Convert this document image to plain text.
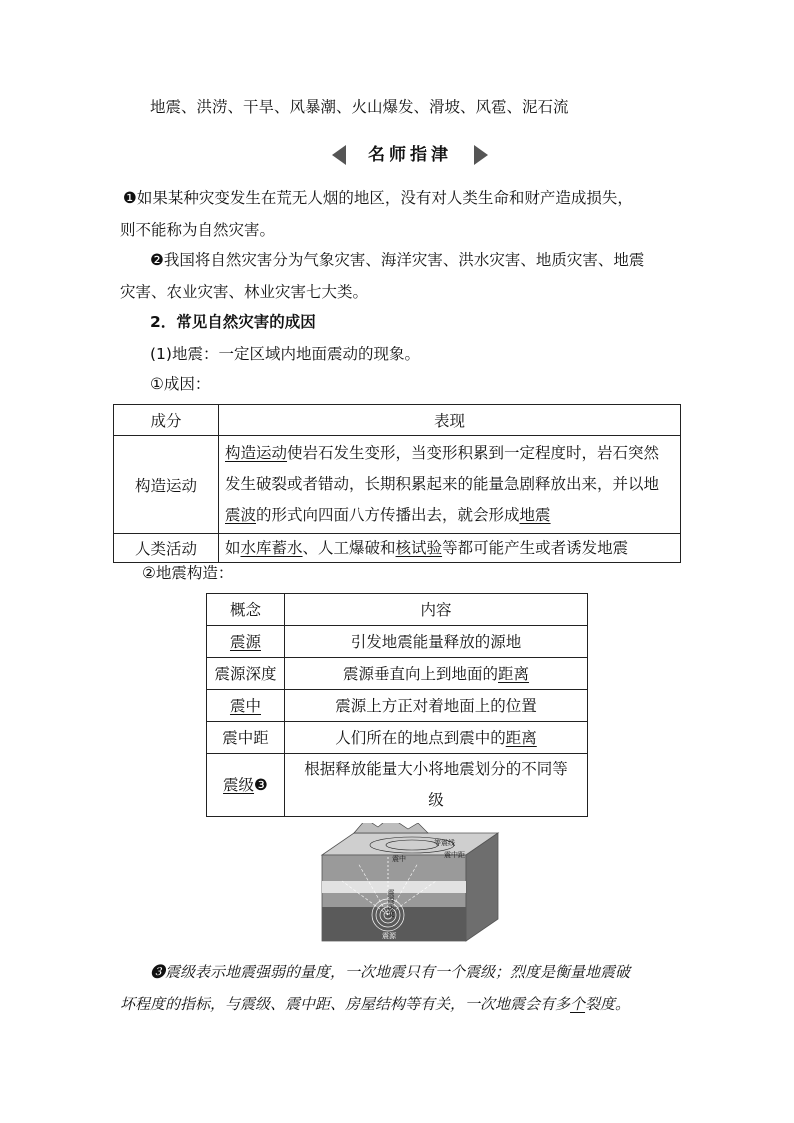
地震、洪涝、干旱、风暴潮、火山爆发、滑坡、风雹、泥石流
名师指津
❶如果某种灾变发生在荒无人烟的地区，没有对人类生命和财产造成损失，
则不能称为自然灾害。
❷我国将自然灾害分为气象灾害、海洋灾害、洪水灾害、地质灾害、地震
灾害、农业灾害、林业灾害七大类。
2．常见自然灾害的成因
(1)地震：一定区域内地面震动的现象。
①成因：
成分	表现
构造运动	构造运动使岩石发生变形，当变形积累到一定程度时，岩石突然
发生破裂或者错动，长期积累起来的能量急剧释放出来，并以地
震波的形式向四面八方传播出去，就会形成地震
人类活动	如水库蓄水、人工爆破和核试验等都可能产生或者诱发地震
②地震构造：
概念	内容
震源	引发地震能量释放的源地
震源深度	震源垂直向上到地面的距离
震中	震源上方正对着地面上的位置
震中距	人们所在的地点到震中的距离
震级❸	根据释放能量大小将地震划分的不同等
级
等震线
震中	震中距
震源深度
震源
❸震级表示地震强弱的量度，一次地震只有一个震级；烈度是衡量地震破
坏程度的指标，与震级、震中距、房屋结构等有关，一次地震会有多个裂度。
